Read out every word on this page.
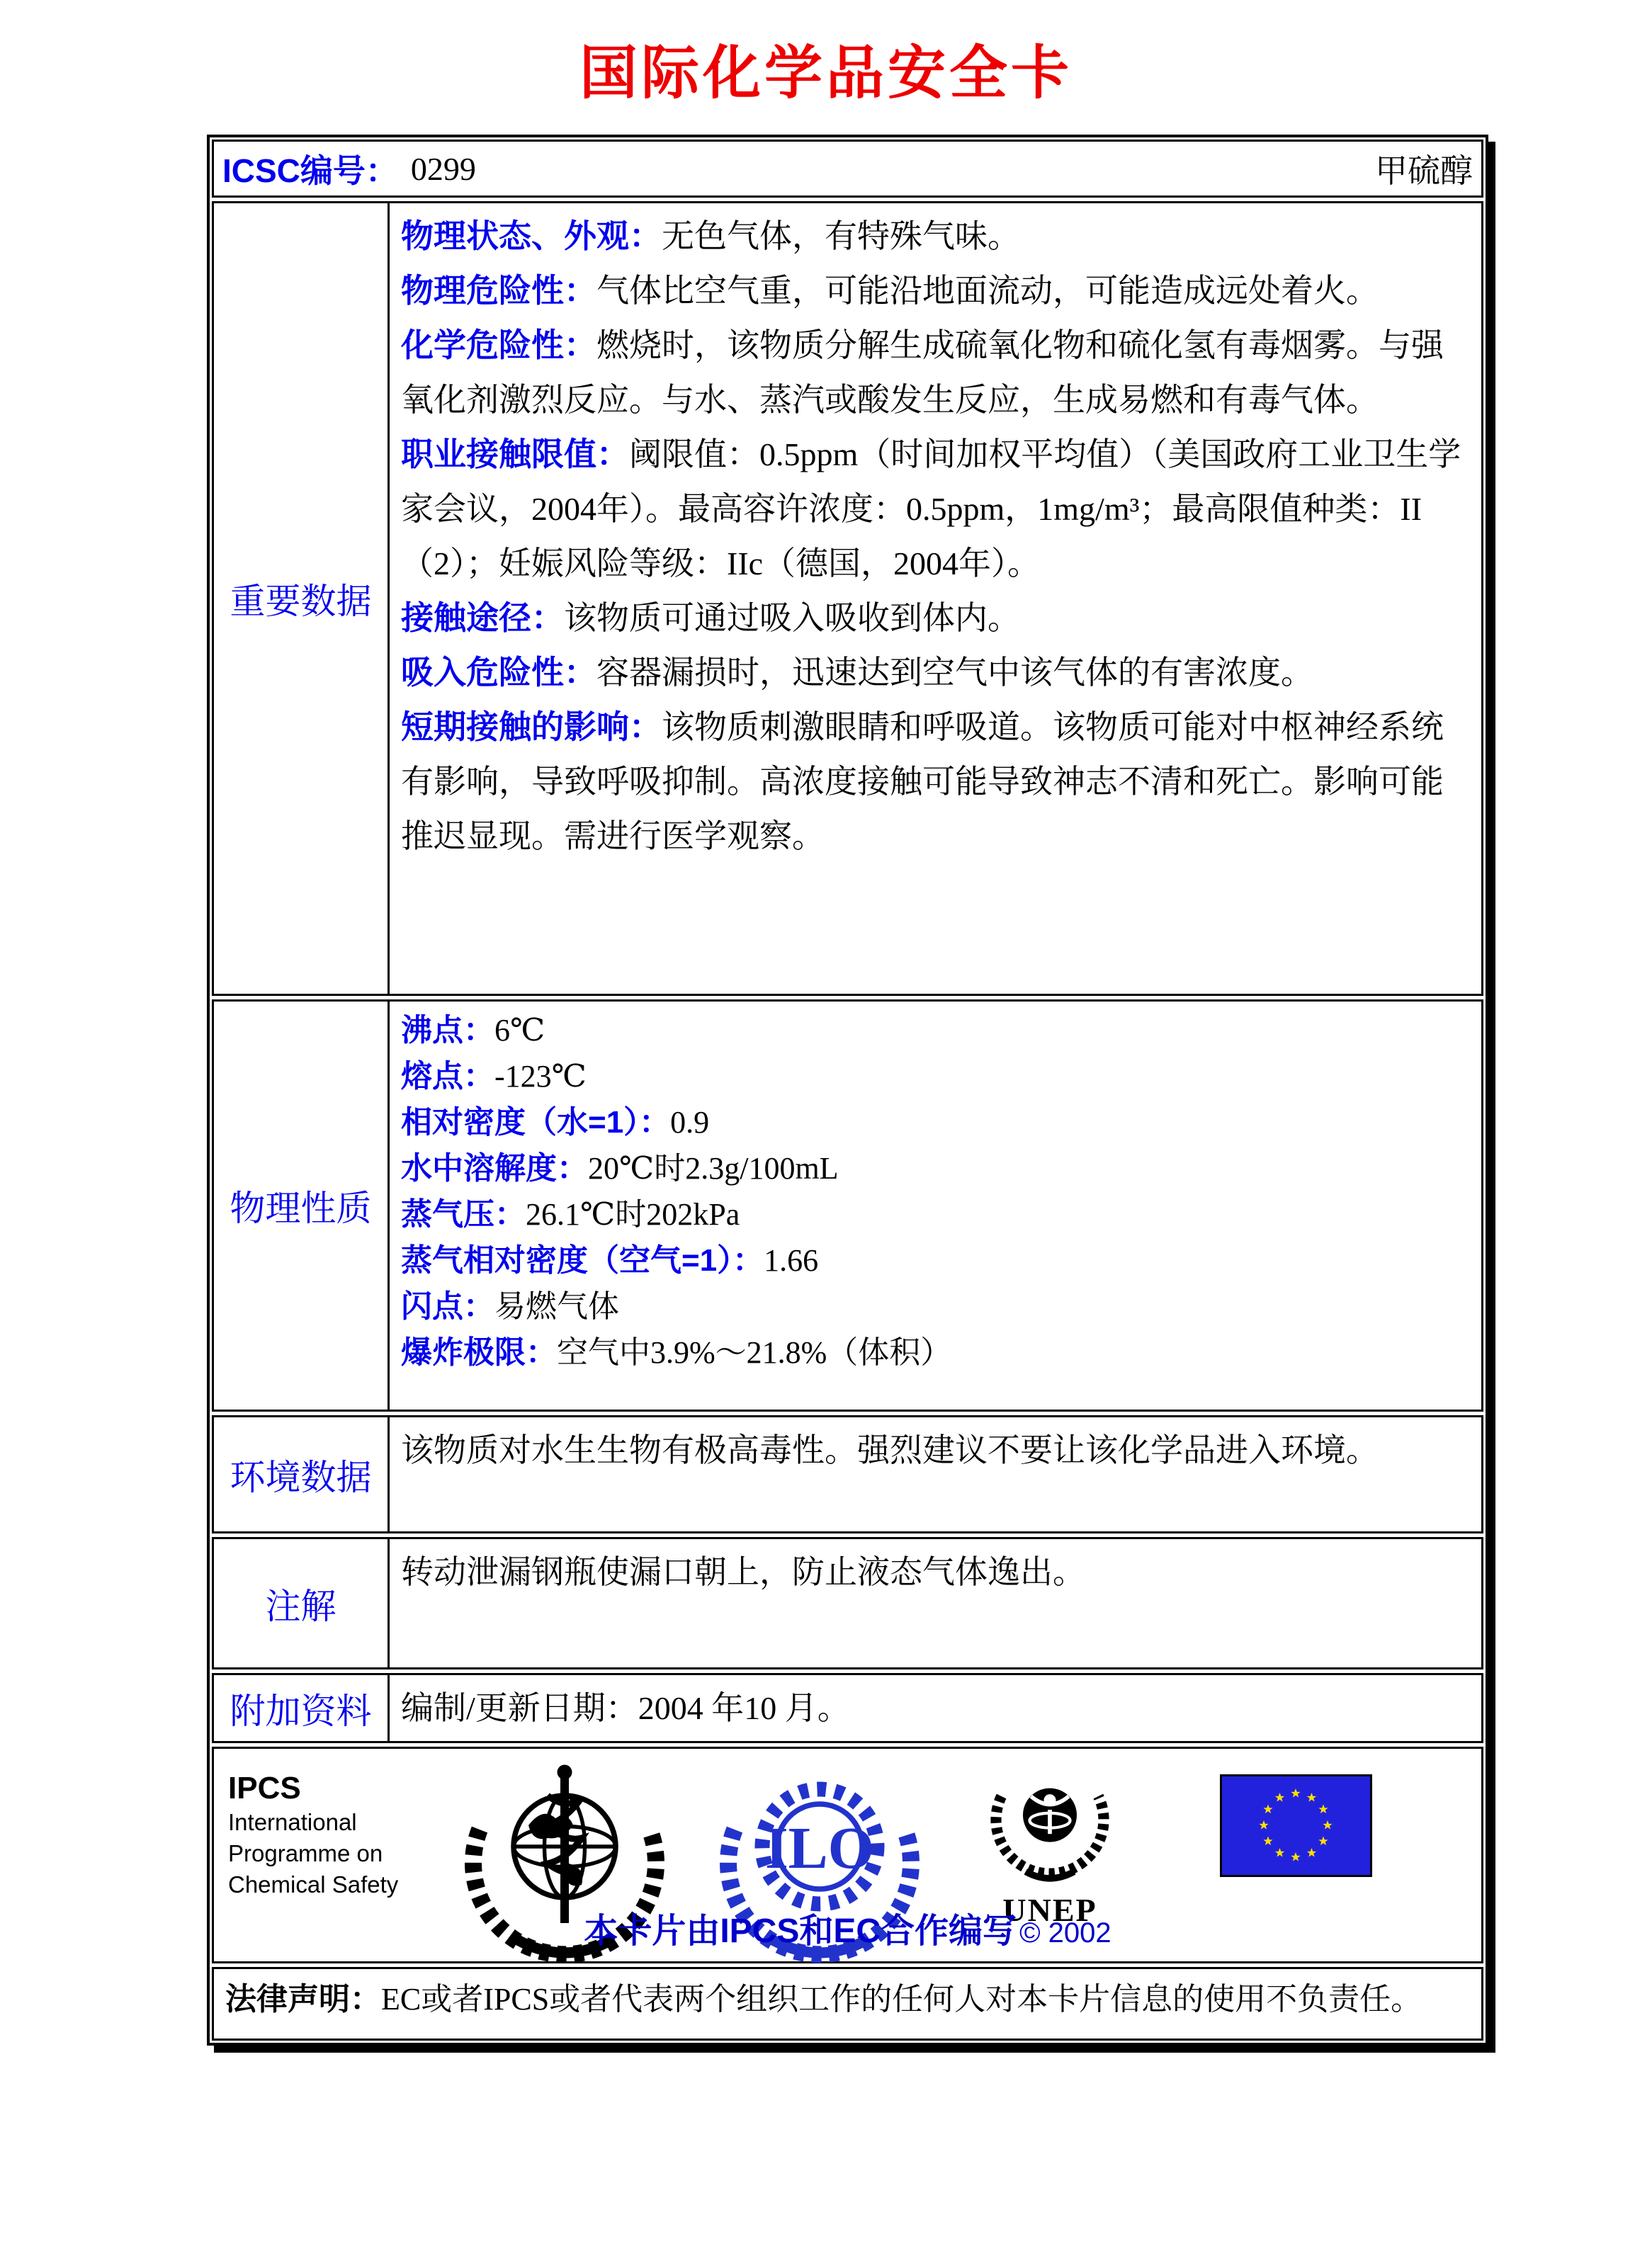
国际化学品安全卡
ICSC编号： 0299	甲硫醇
重要数据

物理状态、外观：无色气体，有特殊气味。

物理危险性：气体比空气重，可能沿地面流动，可能造成远处着火。

化学危险性：燃烧时，该物质分解生成硫氧化物和硫化氢有毒烟雾。与强氧化剂激烈反应。与水、蒸汽或酸发生反应，生成易燃和有毒气体。

职业接触限值：阈限值：0.5ppm（时间加权平均值）（美国政府工业卫生学家会议，2004年）。最高容许浓度：0.5ppm，1mg/m³；最高限值种类：II（2）；妊娠风险等级：IIc（德国，2004年）。

接触途径：该物质可通过吸入吸收到体内。

吸入危险性：容器漏损时，迅速达到空气中该气体的有害浓度。

短期接触的影响：该物质刺激眼睛和呼吸道。该物质可能对中枢神经系统有影响，导致呼吸抑制。高浓度接触可能导致神志不清和死亡。影响可能推迟显现。需进行医学观察。

物理性质

沸点：6℃

熔点：-123℃

相对密度（水=1）：0.9

水中溶解度：20℃时2.3g/100mL

蒸气压：26.1℃时202kPa

蒸气相对密度（空气=1）：1.66

闪点：易燃气体

爆炸极限：空气中3.9%～21.8%（体积）

环境数据

该物质对水生生物有极高毒性。强烈建议不要让该化学品进入环境。

注解

转动泄漏钢瓶使漏口朝上，防止液态气体逸出。

附加资料 编制/更新日期：2004 年10 月。

IPCS
International
Programme on
Chemical Safety
ILO
UNEP
本卡片由IPCS和EC合作编写 © 2002
法律声明：EC或者IPCS或者代表两个组织工作的任何人对本卡片信息的使用不负责任。
